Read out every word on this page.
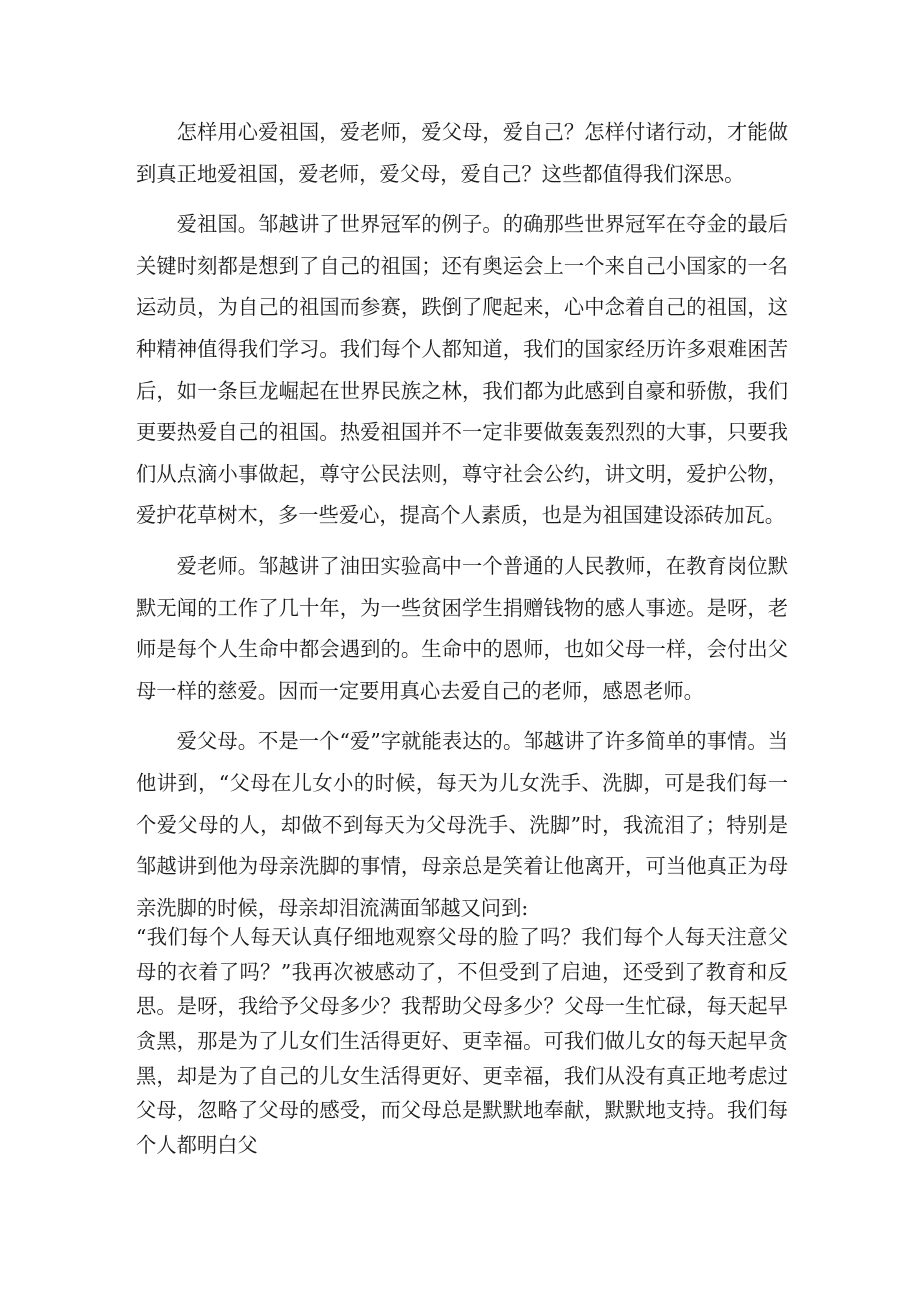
怎样用心爱祖国，爱老师，爱父母，爱自己？怎样付诸行动，才能做到真正地爱祖国，爱老师，爱父母，爱自己？这些都值得我们深思。

爱祖国。邹越讲了世界冠军的例子。的确那些世界冠军在夺金的最后关键时刻都是想到了自己的祖国；还有奥运会上一个来自己小国家的一名运动员，为自己的祖国而参赛，跌倒了爬起来，心中念着自己的祖国，这种精神值得我们学习。我们每个人都知道，我们的国家经历许多艰难困苦后，如一条巨龙崛起在世界民族之林，我们都为此感到自豪和骄傲，我们更要热爱自己的祖国。热爱祖国并不一定非要做轰轰烈烈的大事，只要我们从点滴小事做起，尊守公民法则，尊守社会公约，讲文明，爱护公物，爱护花草树木，多一些爱心，提高个人素质，也是为祖国建设添砖加瓦。

爱老师。邹越讲了油田实验高中一个普通的人民教师，在教育岗位默默无闻的工作了几十年，为一些贫困学生捐赠钱物的感人事迹。是呀，老师是每个人生命中都会遇到的。生命中的恩师，也如父母一样，会付出父母一样的慈爱。因而一定要用真心去爱自己的老师，感恩老师。

爱父母。不是一个“爱”字就能表达的。邹越讲了许多简单的事情。当他讲到，“父母在儿女小的时候，每天为儿女洗手、洗脚，可是我们每一个爱父母的人，却做不到每天为父母洗手、洗脚”时，我流泪了；特别是邹越讲到他为母亲洗脚的事情，母亲总是笑着让他离开，可当他真正为母亲洗脚的时候，母亲却泪流满面邹越又问到:

“我们每个人每天认真仔细地观察父母的脸了吗？我们每个人每天注意父母的衣着了吗？”我再次被感动了，不但受到了启迪，还受到了教育和反思。是呀，我给予父母多少？我帮助父母多少？父母一生忙碌，每天起早贪黑，那是为了儿女们生活得更好、更幸福。可我们做儿女的每天起早贪黑，却是为了自己的儿女生活得更好、更幸福，我们从没有真正地考虑过父母，忽略了父母的感受，而父母总是默默地奉献，默默地支持。我们每个人都明白父
